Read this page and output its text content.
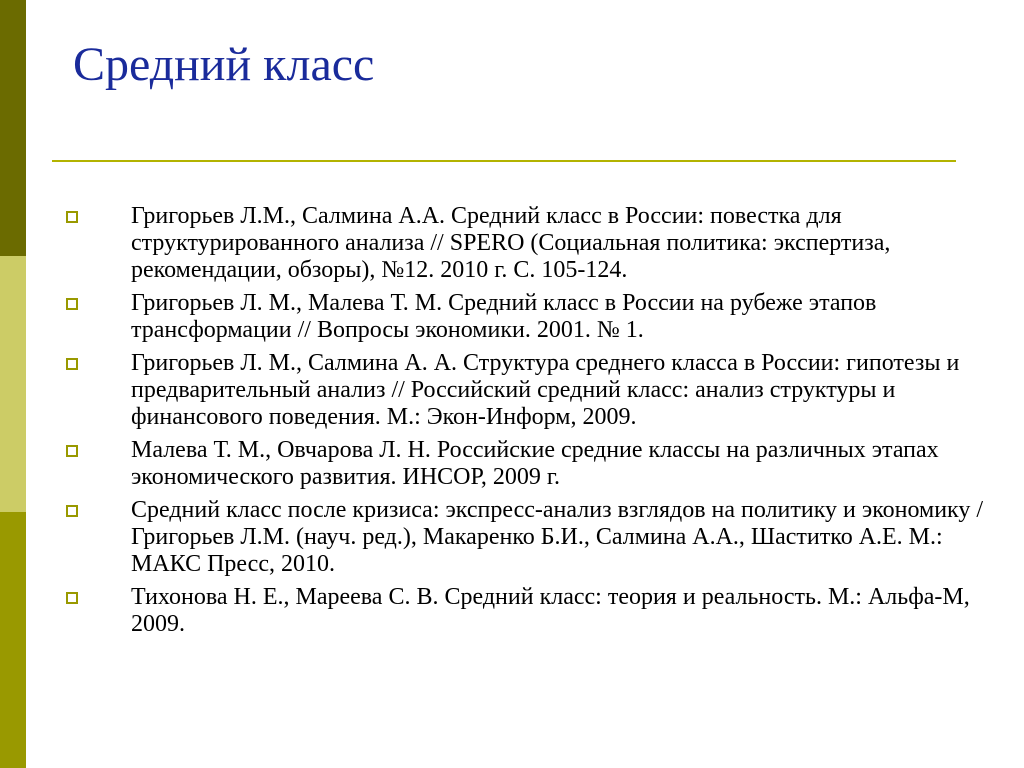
Средний класс
Григорьев Л.М., Салмина А.А. Средний класс в России: повестка для структурированного анализа // SPERO (Социальная политика: экспертиза, рекомендации, обзоры), №12. 2010 г. С. 105-124.
Григорьев Л. М., Малева Т. М. Средний класс в России на рубеже этапов трансформации // Вопросы экономики. 2001. № 1.
Григорьев Л. М., Салмина А. А. Структура среднего класса в России: гипотезы и предварительный анализ // Российский средний класс: анализ структуры и финансового поведения. М.: Экон-Информ, 2009.
Малева Т. М., Овчарова Л. Н. Российские средние классы на различных этапах экономического развития. ИНСОР, 2009 г.
Средний класс после кризиса: экспресс-анализ взглядов на политику и экономику / Григорьев Л.М. (науч. ред.), Макаренко Б.И., Салмина А.А., Шаститко А.Е. М.: МАКС Пресс, 2010.
Тихонова Н. Е., Мареева С. В. Средний класс: теория и реальность. М.: Альфа-М, 2009.
